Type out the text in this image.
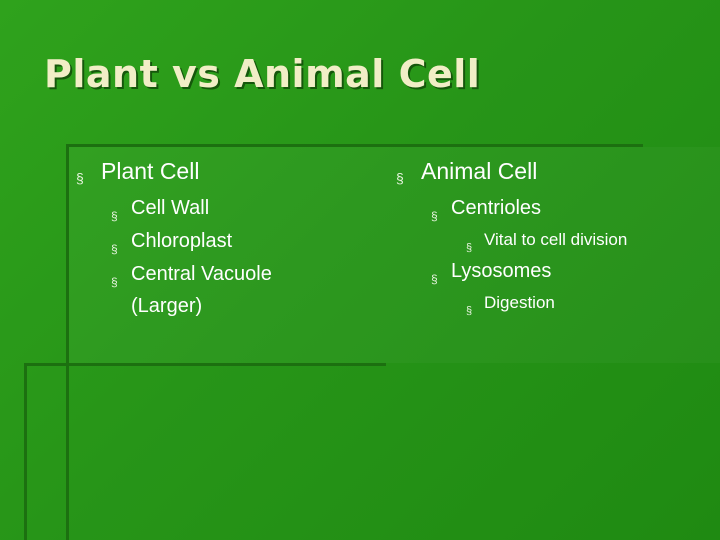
Plant vs Animal Cell
§ Plant Cell
§ Cell Wall
§ Chloroplast
§ Central Vacuole
(Larger)
§ Animal Cell
§ Centrioles
§ Vital to cell division
§ Lysosomes
§ Digestion
